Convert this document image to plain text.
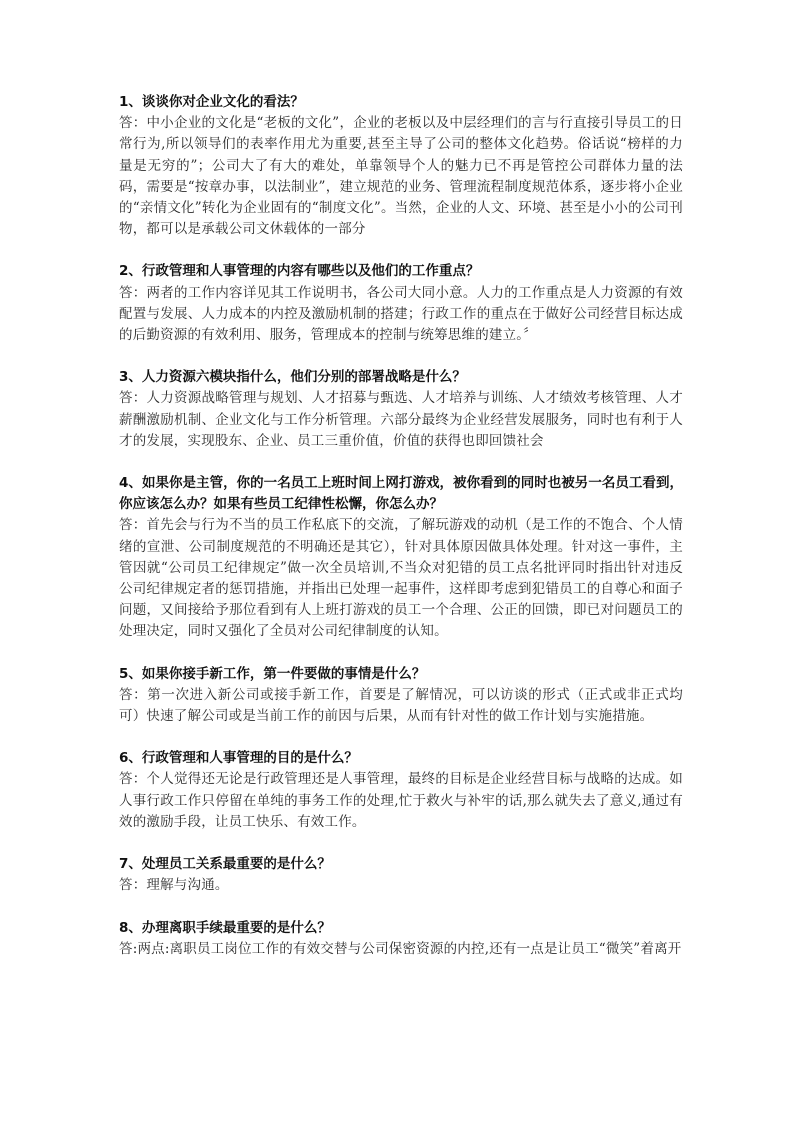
1、谈谈你对企业文化的看法？

答：中小企业的文化是“老板的文化”，企业的老板以及中层经理们的言与行直接引导员工的日常行为,所以领导们的表率作用尤为重要,甚至主导了公司的整体文化趋势。俗话说“榜样的力量是无穷的”；公司大了有大的难处，单靠领导个人的魅力已不再是管控公司群体力量的法码，需要是“按章办事，以法制业”，建立规范的业务、管理流程制度规范体系，逐步将小企业的“亲情文化”转化为企业固有的“制度文化”。当然，企业的人文、环境、甚至是小小的公司刊物，都可以是承载公司文休载体的一部分

2、行政管理和人事管理的内容有哪些以及他们的工作重点？

答：两者的工作内容详见其工作说明书，各公司大同小意。人力的工作重点是人力资源的有效配置与发展、人力成本的内控及激励机制的搭建；行政工作的重点在于做好公司经营目标达成的后勤资源的有效利用、服务，管理成本的控制与统筹思维的建立。〞

3、人力资源六模块指什么，他们分别的部署战略是什么？

答：人力资源战略管理与规划、人才招募与甄选、人才培养与训练、人才绩效考核管理、人才薪酬激励机制、企业文化与工作分析管理。六部分最终为企业经营发展服务，同时也有利于人才的发展，实现股东、企业、员工三重价值，价值的获得也即回馈社会

4、如果你是主管，你的一名员工上班时间上网打游戏，被你看到的同时也被另一名员工看到，你应该怎么办？如果有些员工纪律性松懈，你怎么办？

答：首先会与行为不当的员工作私底下的交流，了解玩游戏的动机（是工作的不饱合、个人情绪的宣泄、公司制度规范的不明确还是其它），针对具体原因做具体处理。针对这一事件，主管因就“公司员工纪律规定”做一次全员培训,不当众对犯错的员工点名批评同时指出针对违反公司纪律规定者的惩罚措施，并指出已处理一起事件，这样即考虑到犯错员工的自尊心和面子问题，又间接给予那位看到有人上班打游戏的员工一个合理、公正的回馈，即已对问题员工的处理决定，同时又强化了全员对公司纪律制度的认知。

5、如果你接手新工作，第一件要做的事情是什么？

答：第一次进入新公司或接手新工作，首要是了解情况，可以访谈的形式（正式或非正式均可）快速了解公司或是当前工作的前因与后果，从而有针对性的做工作计划与实施措施。

6、行政管理和人事管理的目的是什么？

答：个人觉得还无论是行政管理还是人事管理，最终的目标是企业经营目标与战略的达成。如人事行政工作只停留在单纯的事务工作的处理,忙于救火与补牢的话,那么就失去了意义,通过有效的激励手段，让员工快乐、有效工作。

7、处理员工关系最重要的是什么？

答：理解与沟通。

8、办理离职手续最重要的是什么？

答:两点:离职员工岗位工作的有效交替与公司保密资源的内控,还有一点是让员工“微笑”着离开
